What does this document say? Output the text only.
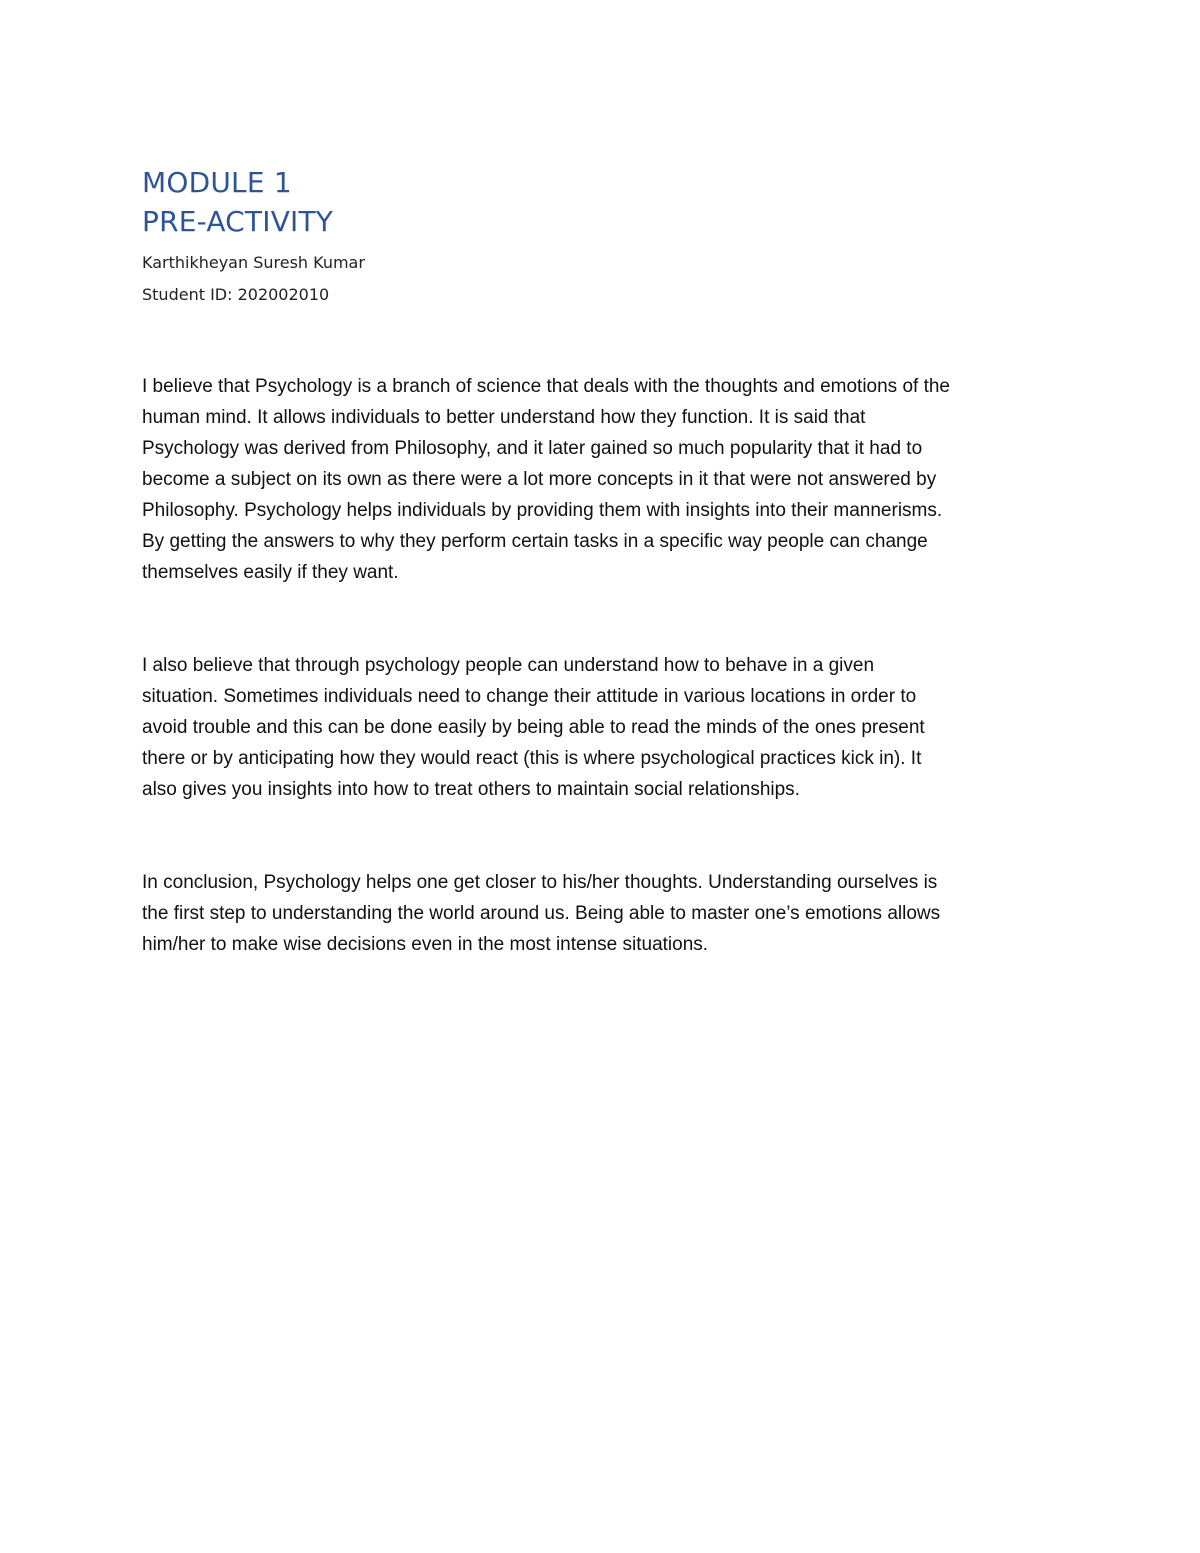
MODULE 1
PRE-ACTIVITY

Karthikheyan Suresh Kumar

Student ID: 202002010

I believe that Psychology is a branch of science that deals with the thoughts and emotions of the
human mind. It allows individuals to better understand how they function. It is said that
Psychology was derived from Philosophy, and it later gained so much popularity that it had to
become a subject on its own as there were a lot more concepts in it that were not answered by
Philosophy. Psychology helps individuals by providing them with insights into their mannerisms.
By getting the answers to why they perform certain tasks in a specific way people can change
themselves easily if they want.

I also believe that through psychology people can understand how to behave in a given
situation. Sometimes individuals need to change their attitude in various locations in order to
avoid trouble and this can be done easily by being able to read the minds of the ones present
there or by anticipating how they would react (this is where psychological practices kick in). It
also gives you insights into how to treat others to maintain social relationships.

In conclusion, Psychology helps one get closer to his/her thoughts. Understanding ourselves is
the first step to understanding the world around us. Being able to master one’s emotions allows
him/her to make wise decisions even in the most intense situations.
